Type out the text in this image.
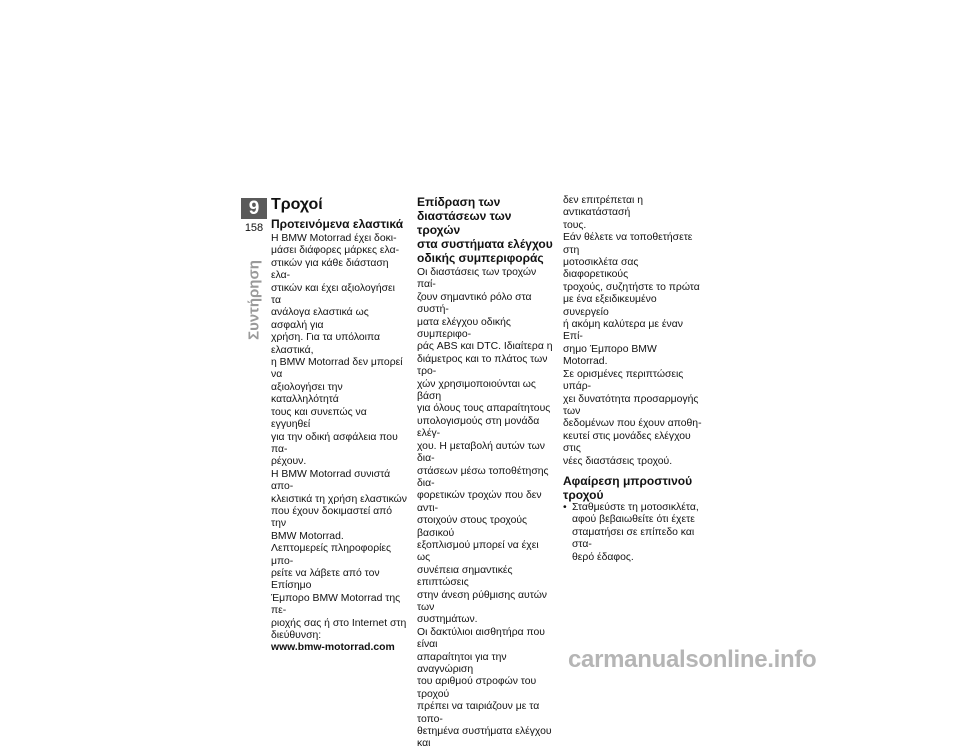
9
158
Συντήρηση
Τροχοί
Προτεινόμενα ελαστικά
Η BMW Motorrad έχει δοκι-
μάσει διάφορες μάρκες ελα-
στικών για κάθε διάσταση ελα-
στικών και έχει αξιολογήσει τα
ανάλογα ελαστικά ως ασφαλή για
χρήση. Για τα υπόλοιπα ελαστικά,
η BMW Motorrad δεν μπορεί να
αξιολογήσει την καταλληλότητά
τους και συνεπώς να εγγυηθεί
για την οδική ασφάλεια που πα-
ρέχουν.
Η BMW Motorrad συνιστά απο-
κλειστικά τη χρήση ελαστικών
που έχουν δοκιμαστεί από την
BMW Motorrad.
Λεπτομερείς πληροφορίες μπο-
ρείτε να λάβετε από τον Επίσημο
Έμπορο BMW Motorrad της πε-
ριοχής σας ή στο Internet στη
διεύθυνση:
www.bmw-motorrad.com
Επίδραση των
διαστάσεων των τροχών
στα συστήματα ελέγχου
οδικής συμπεριφοράς
Οι διαστάσεις των τροχών παί-
ζουν σημαντικό ρόλο στα συστή-
ματα ελέγχου οδικής συμπεριφο-
ράς ABS και DTC. Ιδιαίτερα η
διάμετρος και το πλάτος των τρο-
χών χρησιμοποιούνται ως βάση
για όλους τους απαραίτητους
υπολογισμούς στη μονάδα ελέγ-
χου. Η μεταβολή αυτών των δια-
στάσεων μέσω τοποθέτησης δια-
φορετικών τροχών που δεν αντι-
στοιχούν στους τροχούς βασικού
εξοπλισμού μπορεί να έχει ως
συνέπεια σημαντικές επιπτώσεις
στην άνεση ρύθμισης αυτών των
συστημάτων.
Οι δακτύλιοι αισθητήρα που είναι
απαραίτητοι για την αναγνώριση
του αριθμού στροφών του τροχού
πρέπει να ταιριάζουν με τα τοπο-
θετημένα συστήματα ελέγχου και
δεν επιτρέπεται η αντικατάστασή
τους.
Εάν θέλετε να τοποθετήσετε στη
μοτοσικλέτα σας διαφορετικούς
τροχούς, συζητήστε το πρώτα
με ένα εξειδικευμένο συνεργείο
ή ακόμη καλύτερα με έναν Επί-
σημο Έμπορο BMW Motorrad.
Σε ορισμένες περιπτώσεις υπάρ-
χει δυνατότητα προσαρμογής των
δεδομένων που έχουν αποθη-
κευτεί στις μονάδες ελέγχου στις
νέες διαστάσεις τροχού.
Αφαίρεση μπροστινού
τροχού
• Σταθμεύστε τη μοτοσικλέτα,
αφού βεβαιωθείτε ότι έχετε
σταματήσει σε επίπεδο και στα-
θερό έδαφος.
carmanualsonline.info
